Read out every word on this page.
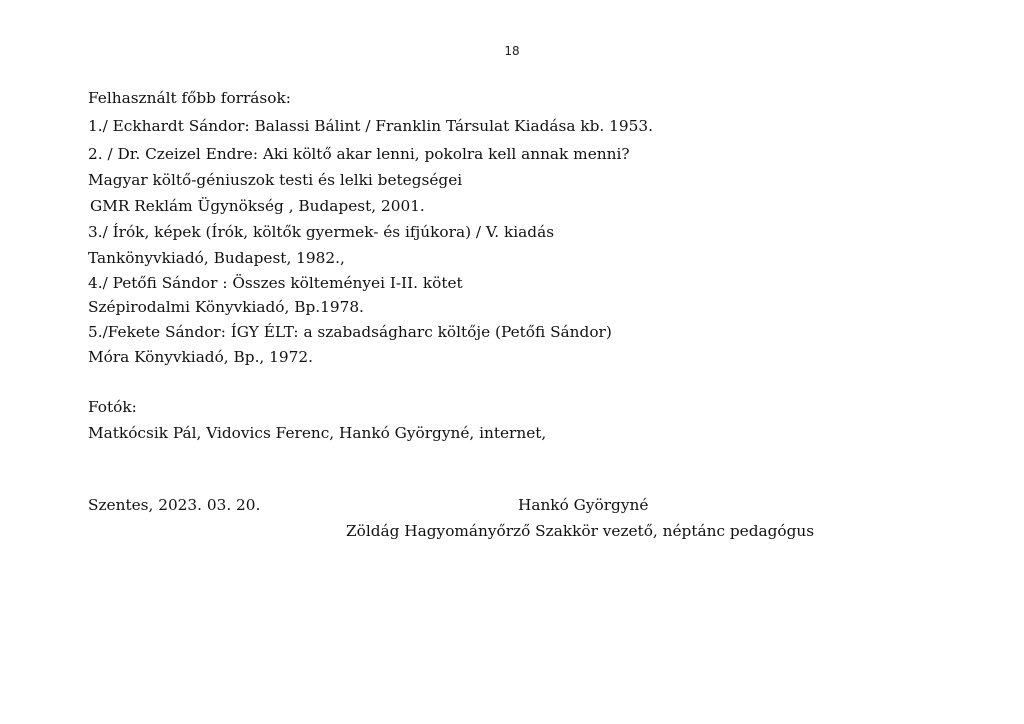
18
Felhasznált főbb források:
1./ Eckhardt Sándor: Balassi Bálint / Franklin Társulat Kiadása kb. 1953.
2. / Dr. Czeizel Endre: Aki költő akar lenni, pokolra kell annak menni?
Magyar költő-géniuszok testi és lelki betegségei
GMR Reklám Ügynökség , Budapest, 2001.
3./ Írók, képek (Írók, költők gyermek- és ifjúkora) / V. kiadás
Tankönyvkiadó, Budapest, 1982.,
4./ Petőfi Sándor : Összes költeményei I-II. kötet
Szépirodalmi Könyvkiadó, Bp.1978.
5./Fekete Sándor: ÍGY ÉLT: a szabadságharc költője (Petőfi Sándor)
Móra Könyvkiadó, Bp., 1972.
Fotók:
Matkócsik Pál, Vidovics Ferenc, Hankó Györgyné, internet,
Szentes, 2023. 03. 20.	Hankó Györgyné
Zöldág Hagyományőrző Szakkör vezető, néptánc pedagógus
